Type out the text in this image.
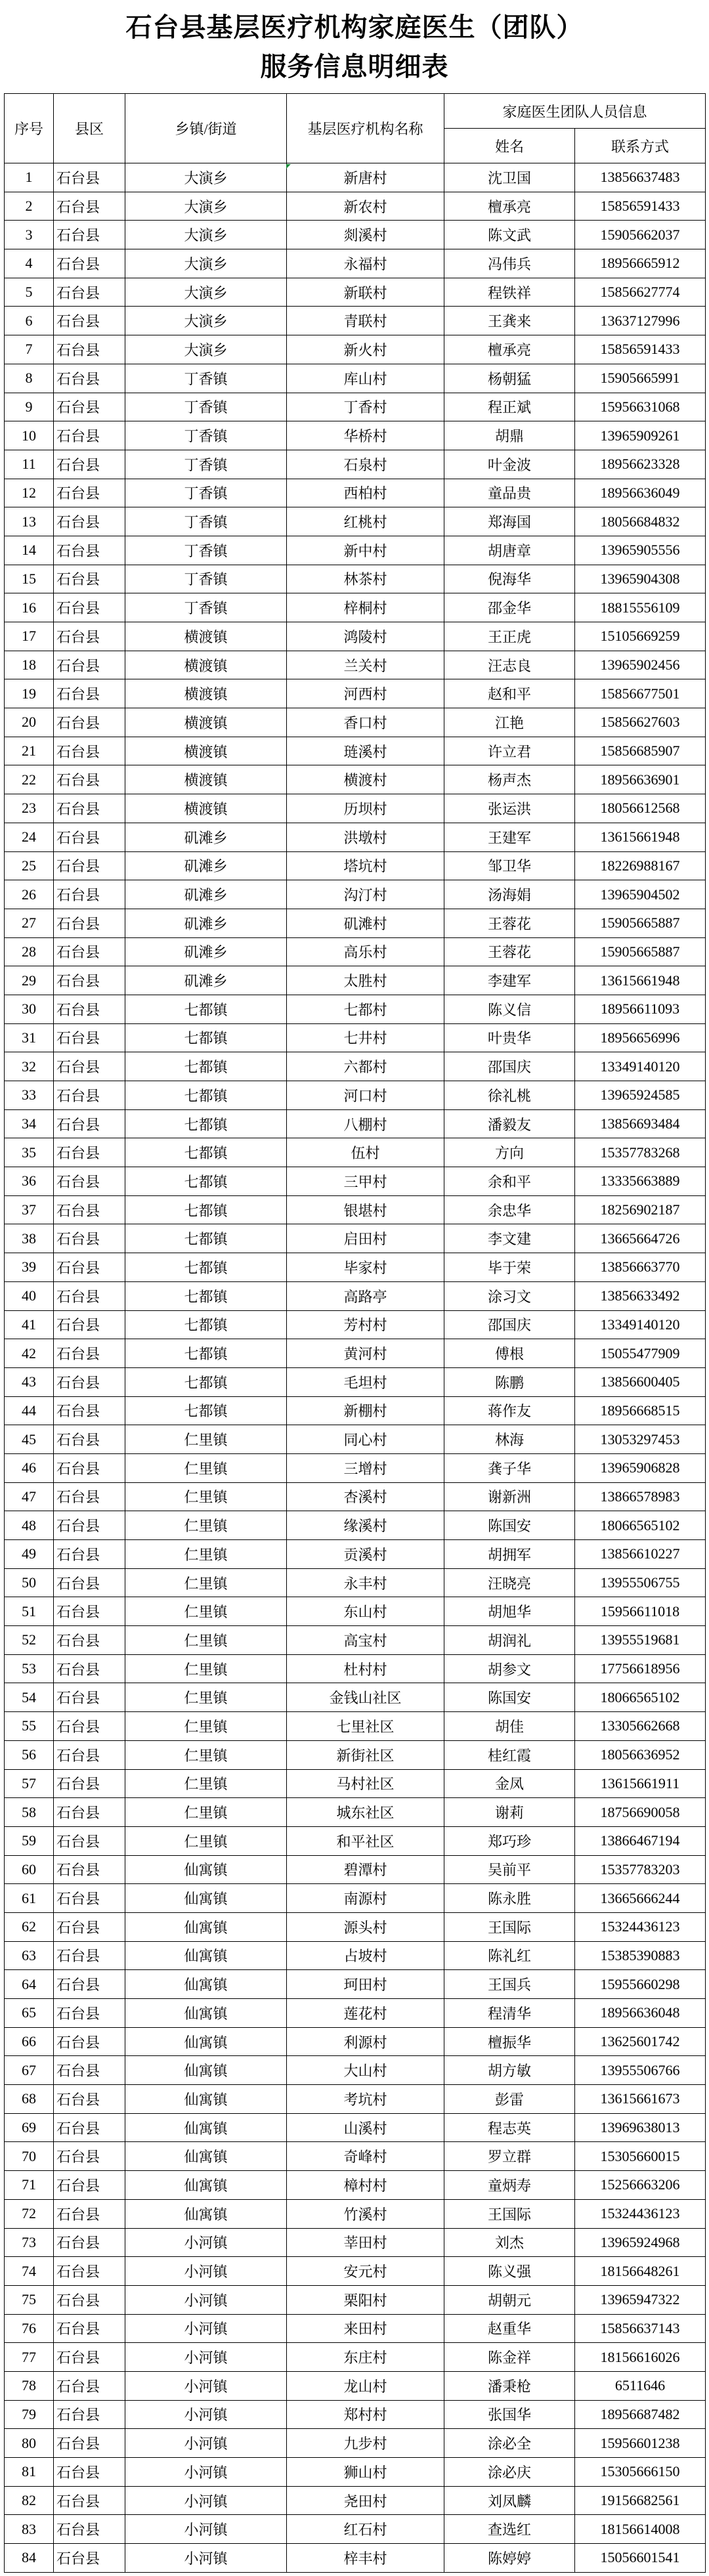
石台县基层医疗机构家庭医生（团队）
服务信息明细表
序号	县区	乡镇/街道	基层医疗机构名称	家庭医生团队人员信息	
				姓名	联系方式
1	石台县	大演乡	新唐村	沈卫国	13856637483
2	石台县	大演乡	新农村	檀承亮	15856591433
3	石台县	大演乡	剡溪村	陈文武	15905662037
4	石台县	大演乡	永福村	冯伟兵	18956665912
5	石台县	大演乡	新联村	程铁祥	15856627774
6	石台县	大演乡	青联村	王龚来	13637127996
7	石台县	大演乡	新火村	檀承亮	15856591433
8	石台县	丁香镇	库山村	杨朝猛	15905665991
9	石台县	丁香镇	丁香村	程正斌	15956631068
10	石台县	丁香镇	华桥村	胡鼎	13965909261
11	石台县	丁香镇	石泉村	叶金波	18956623328
12	石台县	丁香镇	西柏村	童品贵	18956636049
13	石台县	丁香镇	红桃村	郑海国	18056684832
14	石台县	丁香镇	新中村	胡唐章	13965905556
15	石台县	丁香镇	林茶村	倪海华	13965904308
16	石台县	丁香镇	梓桐村	邵金华	18815556109
17	石台县	横渡镇	鸿陵村	王正虎	15105669259
18	石台县	横渡镇	兰关村	汪志良	13965902456
19	石台县	横渡镇	河西村	赵和平	15856677501
20	石台县	横渡镇	香口村	江艳	15856627603
21	石台县	横渡镇	琏溪村	许立君	15856685907
22	石台县	横渡镇	横渡村	杨声杰	18956636901
23	石台县	横渡镇	历坝村	张运洪	18056612568
24	石台县	矶滩乡	洪墩村	王建军	13615661948
25	石台县	矶滩乡	塔坑村	邹卫华	18226988167
26	石台县	矶滩乡	沟汀村	汤海娟	13965904502
27	石台县	矶滩乡	矶滩村	王蓉花	15905665887
28	石台县	矶滩乡	高乐村	王蓉花	15905665887
29	石台县	矶滩乡	太胜村	李建军	13615661948
30	石台县	七都镇	七都村	陈义信	18956611093
31	石台县	七都镇	七井村	叶贵华	18956656996
32	石台县	七都镇	六都村	邵国庆	13349140120
33	石台县	七都镇	河口村	徐礼桃	13965924585
34	石台县	七都镇	八棚村	潘毅友	13856693484
35	石台县	七都镇	伍村	方向	15357783268
36	石台县	七都镇	三甲村	余和平	13335663889
37	石台县	七都镇	银堪村	余忠华	18256902187
38	石台县	七都镇	启田村	李文建	13665664726
39	石台县	七都镇	毕家村	毕于荣	13856663770
40	石台县	七都镇	高路亭	涂习文	13856633492
41	石台县	七都镇	芳村村	邵国庆	13349140120
42	石台县	七都镇	黄河村	傅根	15055477909
43	石台县	七都镇	毛坦村	陈鹏	13856600405
44	石台县	七都镇	新棚村	蒋作友	18956668515
45	石台县	仁里镇	同心村	林海	13053297453
46	石台县	仁里镇	三增村	龚子华	13965906828
47	石台县	仁里镇	杏溪村	谢新洲	13866578983
48	石台县	仁里镇	缘溪村	陈国安	18066565102
49	石台县	仁里镇	贡溪村	胡拥军	13856610227
50	石台县	仁里镇	永丰村	汪晓亮	13955506755
51	石台县	仁里镇	东山村	胡旭华	15956611018
52	石台县	仁里镇	高宝村	胡润礼	13955519681
53	石台县	仁里镇	杜村村	胡参文	17756618956
54	石台县	仁里镇	金钱山社区	陈国安	18066565102
55	石台县	仁里镇	七里社区	胡佳	13305662668
56	石台县	仁里镇	新街社区	桂红霞	18056636952
57	石台县	仁里镇	马村社区	金凤	13615661911
58	石台县	仁里镇	城东社区	谢莉	18756690058
59	石台县	仁里镇	和平社区	郑巧珍	13866467194
60	石台县	仙寓镇	碧潭村	吴前平	15357783203
61	石台县	仙寓镇	南源村	陈永胜	13665666244
62	石台县	仙寓镇	源头村	王国际	15324436123
63	石台县	仙寓镇	占坡村	陈礼红	15385390883
64	石台县	仙寓镇	珂田村	王国兵	15955660298
65	石台县	仙寓镇	莲花村	程清华	18956636048
66	石台县	仙寓镇	利源村	檀振华	13625601742
67	石台县	仙寓镇	大山村	胡方敏	13955506766
68	石台县	仙寓镇	考坑村	彭雷	13615661673
69	石台县	仙寓镇	山溪村	程志英	13969638013
70	石台县	仙寓镇	奇峰村	罗立群	15305660015
71	石台县	仙寓镇	樟村村	童炳寿	15256663206
72	石台县	仙寓镇	竹溪村	王国际	15324436123
73	石台县	小河镇	莘田村	刘杰	13965924968
74	石台县	小河镇	安元村	陈义强	18156648261
75	石台县	小河镇	栗阳村	胡朝元	13965947322
76	石台县	小河镇	来田村	赵重华	15856637143
77	石台县	小河镇	东庄村	陈金祥	18156616026
78	石台县	小河镇	龙山村	潘秉枪	6511646
79	石台县	小河镇	郑村村	张国华	18956687482
80	石台县	小河镇	九步村	涂必全	15956601238
81	石台县	小河镇	狮山村	涂必庆	15305666150
82	石台县	小河镇	尧田村	刘凤麟	19156682561
83	石台县	小河镇	红石村	查选红	18156614008
84	石台县	小河镇	梓丰村	陈婷婷	15056601541
